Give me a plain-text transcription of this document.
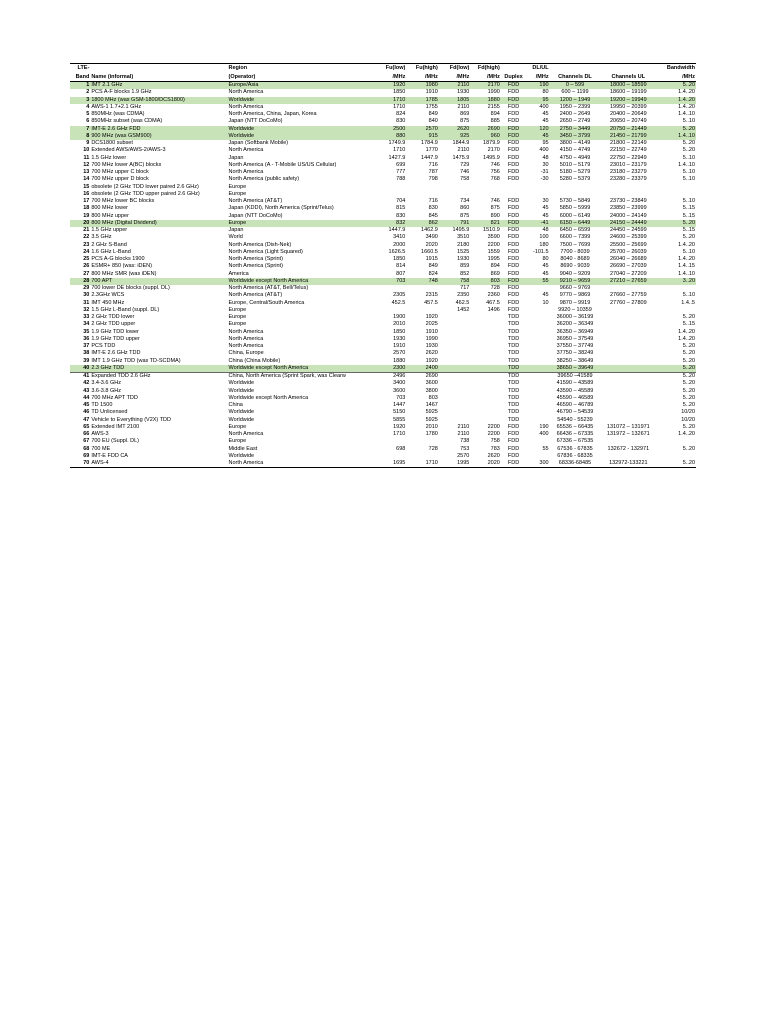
LTE-		Region	Fu(low)	Fu(high)	Fd(low)	Fd(high)		DL/UL			Bandwidth
Band	Name (informal)	(Operator)	/MHz	/MHz	/MHz	/MHz	Duplex	/MHz	Channels DL	Channels UL	/MHz
1	IMT 2.1 GHz	Europe/Asia	1920	1980	2110	2170	FDD	190	0 – 599	18000 – 18599	5..20
2	PCS A-F blocks 1.9 GHz	North America	1850	1910	1930	1990	FDD	80	600 – 1199	18600 – 19199	1.4..20
3	1800 MHz (was GSM-1800/DCS1800)	Worldwide	1710	1785	1805	1880	FDD	95	1200 – 1949	19200 – 19949	1.4..20
4	AWS-1 1.7+2.1 GHz	North America	1710	1755	2110	2155	FDD	400	1950 – 2399	19950 – 20399	1.4..20
5	850MHz (was CDMA)	North America, China, Japan, Korea	824	849	869	894	FDD	45	2400 – 2649	20400 – 20649	1.4..10
6	850MHz subset (was CDMA)	Japan (NTT DoCoMo)	830	840	875	885	FDD	45	2650 – 2749	20650 – 20749	5..10
7	IMT-E 2.6 GHz FDD	Worldwide	2500	2570	2620	2690	FDD	120	2750 – 3449	20750 – 21449	5..20
8	900 MHz (was GSM900)	Worldwide	880	915	925	960	FDD	45	3450 – 3799	21450 – 21799	1.4..10
9	DCS1800 subset	Japan (Softbank Mobile)	1749.9	1784.9	1844.9	1879.9	FDD	95	3800 – 4149	21800 – 22149	5..20
10	Extended AWS/AWS-2/AWS-3	North America	1710	1770	2110	2170	FDD	400	4150 – 4749	22150 – 22749	5..20
11	1.5 GHz lower	Japan	1427.9	1447.9	1475.9	1495.9	FDD	48	4750 – 4949	22750 – 22949	5..10
12	700 MHz lower A(BC) blocks	North America (A - T-Mobile US/US Cellular)	699	716	729	746	FDD	30	5010 – 5179	23010 – 23179	1.4..10
13	700 MHz upper C block	North America	777	787	746	756	FDD	-31	5180 – 5279	23180 – 23279	5..10
14	700 MHz upper D block	North America (public safety)	788	798	758	768	FDD	-30	5280 – 5379	23280 – 23379	5..10
15	obsolete (2 GHz TDD lower paired 2.6 GHz)	Europe									
16	obsolete (2 GHz TDD upper paired 2.6 GHz)	Europe									
17	700 MHz lower BC blocks	North America (AT&T)	704	716	734	746	FDD	30	5730 – 5849	23730 – 23849	5..10
18	800 MHz lower	Japan (KDDI), North America (Sprint/Telus)	815	830	860	875	FDD	45	5850 – 5999	23850 – 23999	5..15
19	800 MHz upper	Japan (NTT DoCoMo)	830	845	875	890	FDD	45	6000 – 6149	24000 – 24149	5..15
20	800 MHz (Digital Dividend)	Europe	832	862	791	821	FDD	-41	6150 – 6449	24150 – 24449	5..20
21	1.5 GHz upper	Japan	1447.9	1462.9	1495.9	1510.9	FDD	48	6450 – 6599	24450 – 24599	5..15
22	3.5 GHz	World	3410	3490	3510	3590	FDD	100	6600 – 7399	24600 – 25399	5..20
23	2 GHz S-Band	North America (Dish-Nek)	2000	2020	2180	2200	FDD	180	7500 – 7699	25500 – 25699	1.4..20
24	1.6 GHz L-Band	North America (Light Squared)	1626.5	1660.5	1525	1559	FDD	-101.5	7700 - 8039	25700 – 26039	5..10
25	PCS A-G blocks 1900	North America (Sprint)	1850	1915	1930	1995	FDD	80	8040 - 8689	26040 – 26689	1.4..20
26	ESMR+ 850 (was: iDEN)	North America (Sprint)	814	849	859	894	FDD	45	8690 - 9039	26690 – 27039	1.4..15
27	800 MHz SMR (was iDEN)	America	807	824	852	869	FDD	45	9040 – 9209	27040 – 27209	1.4..10
28	700 APT	Worldwide except North America	703	748	758	803	FDD	55	9210 – 9659	27210 – 27659	3..20
29	700 lower DE blocks (suppl. DL)	North America (AT&T, Bell/Telus)			717	728	FDD		9660 – 9769		
30	2.3GHz WCS	North America (AT&T)	2305	2315	2350	2360	FDD	45	9770 – 9869	27660 – 27759	5..10
31	IMT 450 MHz	Europe, Central/South America	452.5	457.5	462.5	467.5	FDD	10	9870 – 9919	27760 – 27809	1.4..5
32	1.5 GHz L-Band (suppl. DL)	Europe			1452	1496	FDD		9920 – 10359		
33	2 GHz TDD lower	Europe	1900	1920			TDD		36000 – 36199		5..20
34	2 GHz TDD upper	Europe	2010	2025			TDD		36200 – 36349		5..15
35	1.9 GHz TDD lower	North America	1850	1910			TDD		36350 – 36949		1.4..20
36	1.9 GHz TDD upper	North America	1930	1990			TDD		36950 – 37549		1.4..20
37	PCS TDD	North America	1910	1930			TDD		37550 – 37749		5..20
38	IMT-E 2.6 GHz TDD	China, Europe	2570	2620			TDD		37750 – 38249		5..20
39	IMT 1.9 GHz TDD (was TD-SCDMA)	China (China Mobile)	1880	1920			TDD		38250 – 38649		5..20
40	2.3 GHz TDD	Worldwide except North America	2300	2400			TDD		38650 – 39649		5..20
41	Expanded TDD 2.6 GHz	China, North America (Sprint Spark, was Clearw	2496	2690			TDD		39650 –41589		5..20
42	3.4-3.6 GHz	Worldwide	3400	3600			TDD		41590 – 43589		5..20
43	3.6-3.8 GHz	Worldwide	3600	3800			TDD		43590 – 45589		5..20
44	700 MHz APT TDD	Worldwide except North America	703	803			TDD		45590 – 46589		5..20
45	TD 1500	China	1447	1467			TDD		46590 – 46789		5..20
46	TD Unlicensed	Worldwide	5150	5925			TDD		46790 – 54539		10/20
47	Vehicle to Everything (V2X) TDD	Worldwide	5855	5925			TDD		54540 - 55239		10/20
65	Extended IMT 2100	Europe	1920	2010	2110	2200	FDD	190	65536 – 66435	131072 – 131971	5..20
66	AWS-3	North America	1710	1780	2110	2200	FDD	400	66436 – 67335	131972 – 132671	1.4..20
67	700 EU (Suppl. DL)	Europe			738	758	FDD		67336 – 67535		
68	700 ME	Middle East	698	728	753	783	FDD	55	67536 - 67835	132672 - 132971	5..20
69	IMT-E FDD CA	Worldwide			2570	2620	FDD		67836 - 68335		
70	AWS-4	North America	1695	1710	1995	2020	FDD	300	68336-68485	132972-133221	5..20
